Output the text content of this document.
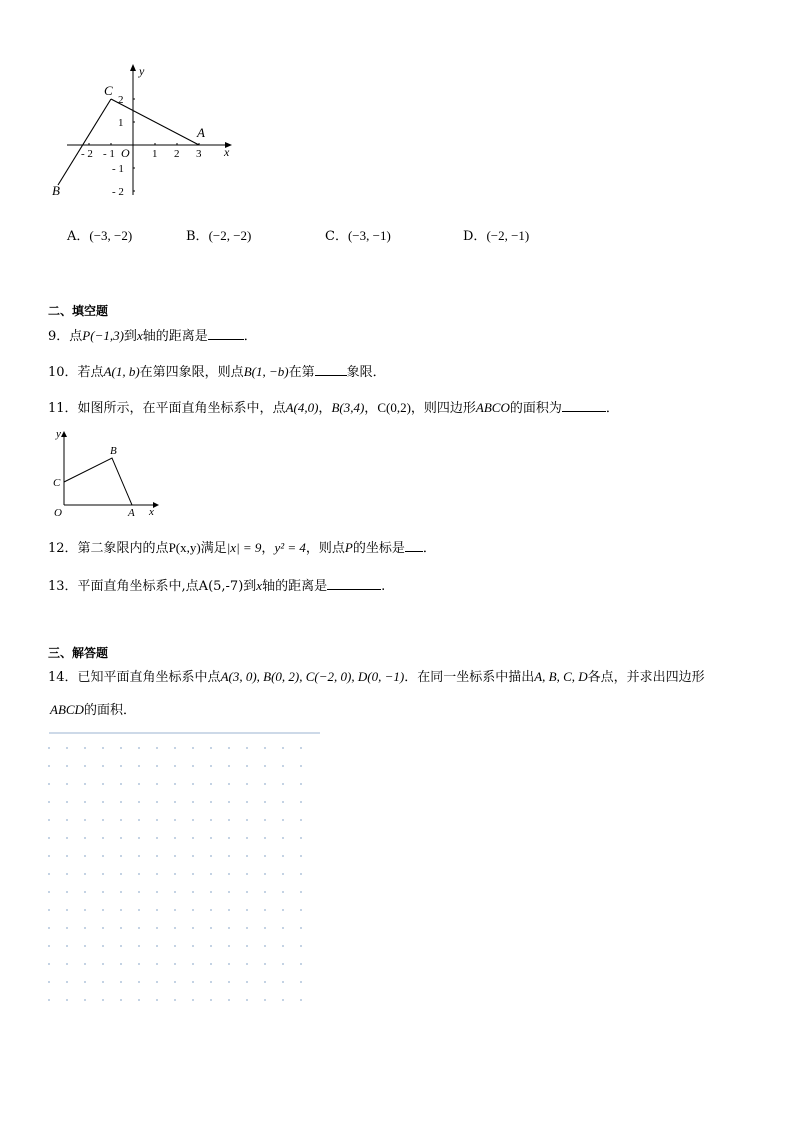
C
A
B
O	x
y
- 2 - 1	1 2 3
2
1
- 1
- 2
A．(−3, −2)	B．(−2, −2)	C．(−3, −1)	D．(−2, −1)
二、填空题
9．点P(−1,3)到x轴的距离是	．
10．若点A(1, b)在第四象限，则点B(1, −b)在第 象限．
11．如图所示，在平面直角坐标系中，点A(4,0)，B(3,4)，C(0,2)，则四边形ABCO的面积为	．
y
B
C
O	A x
12．第二象限内的点P(x,y)满足|x| = 9，y² = 4，则点P的坐标是 ．
13．平面直角坐标系中,点A(5,-7)到x轴的距离是	.
三、解答题
14．已知平面直角坐标系中点A(3, 0), B(0, 2), C(−2, 0), D(0, −1)．在同一坐标系中描出A, B, C, D各点，并求出四边形
ABCD的面积．
